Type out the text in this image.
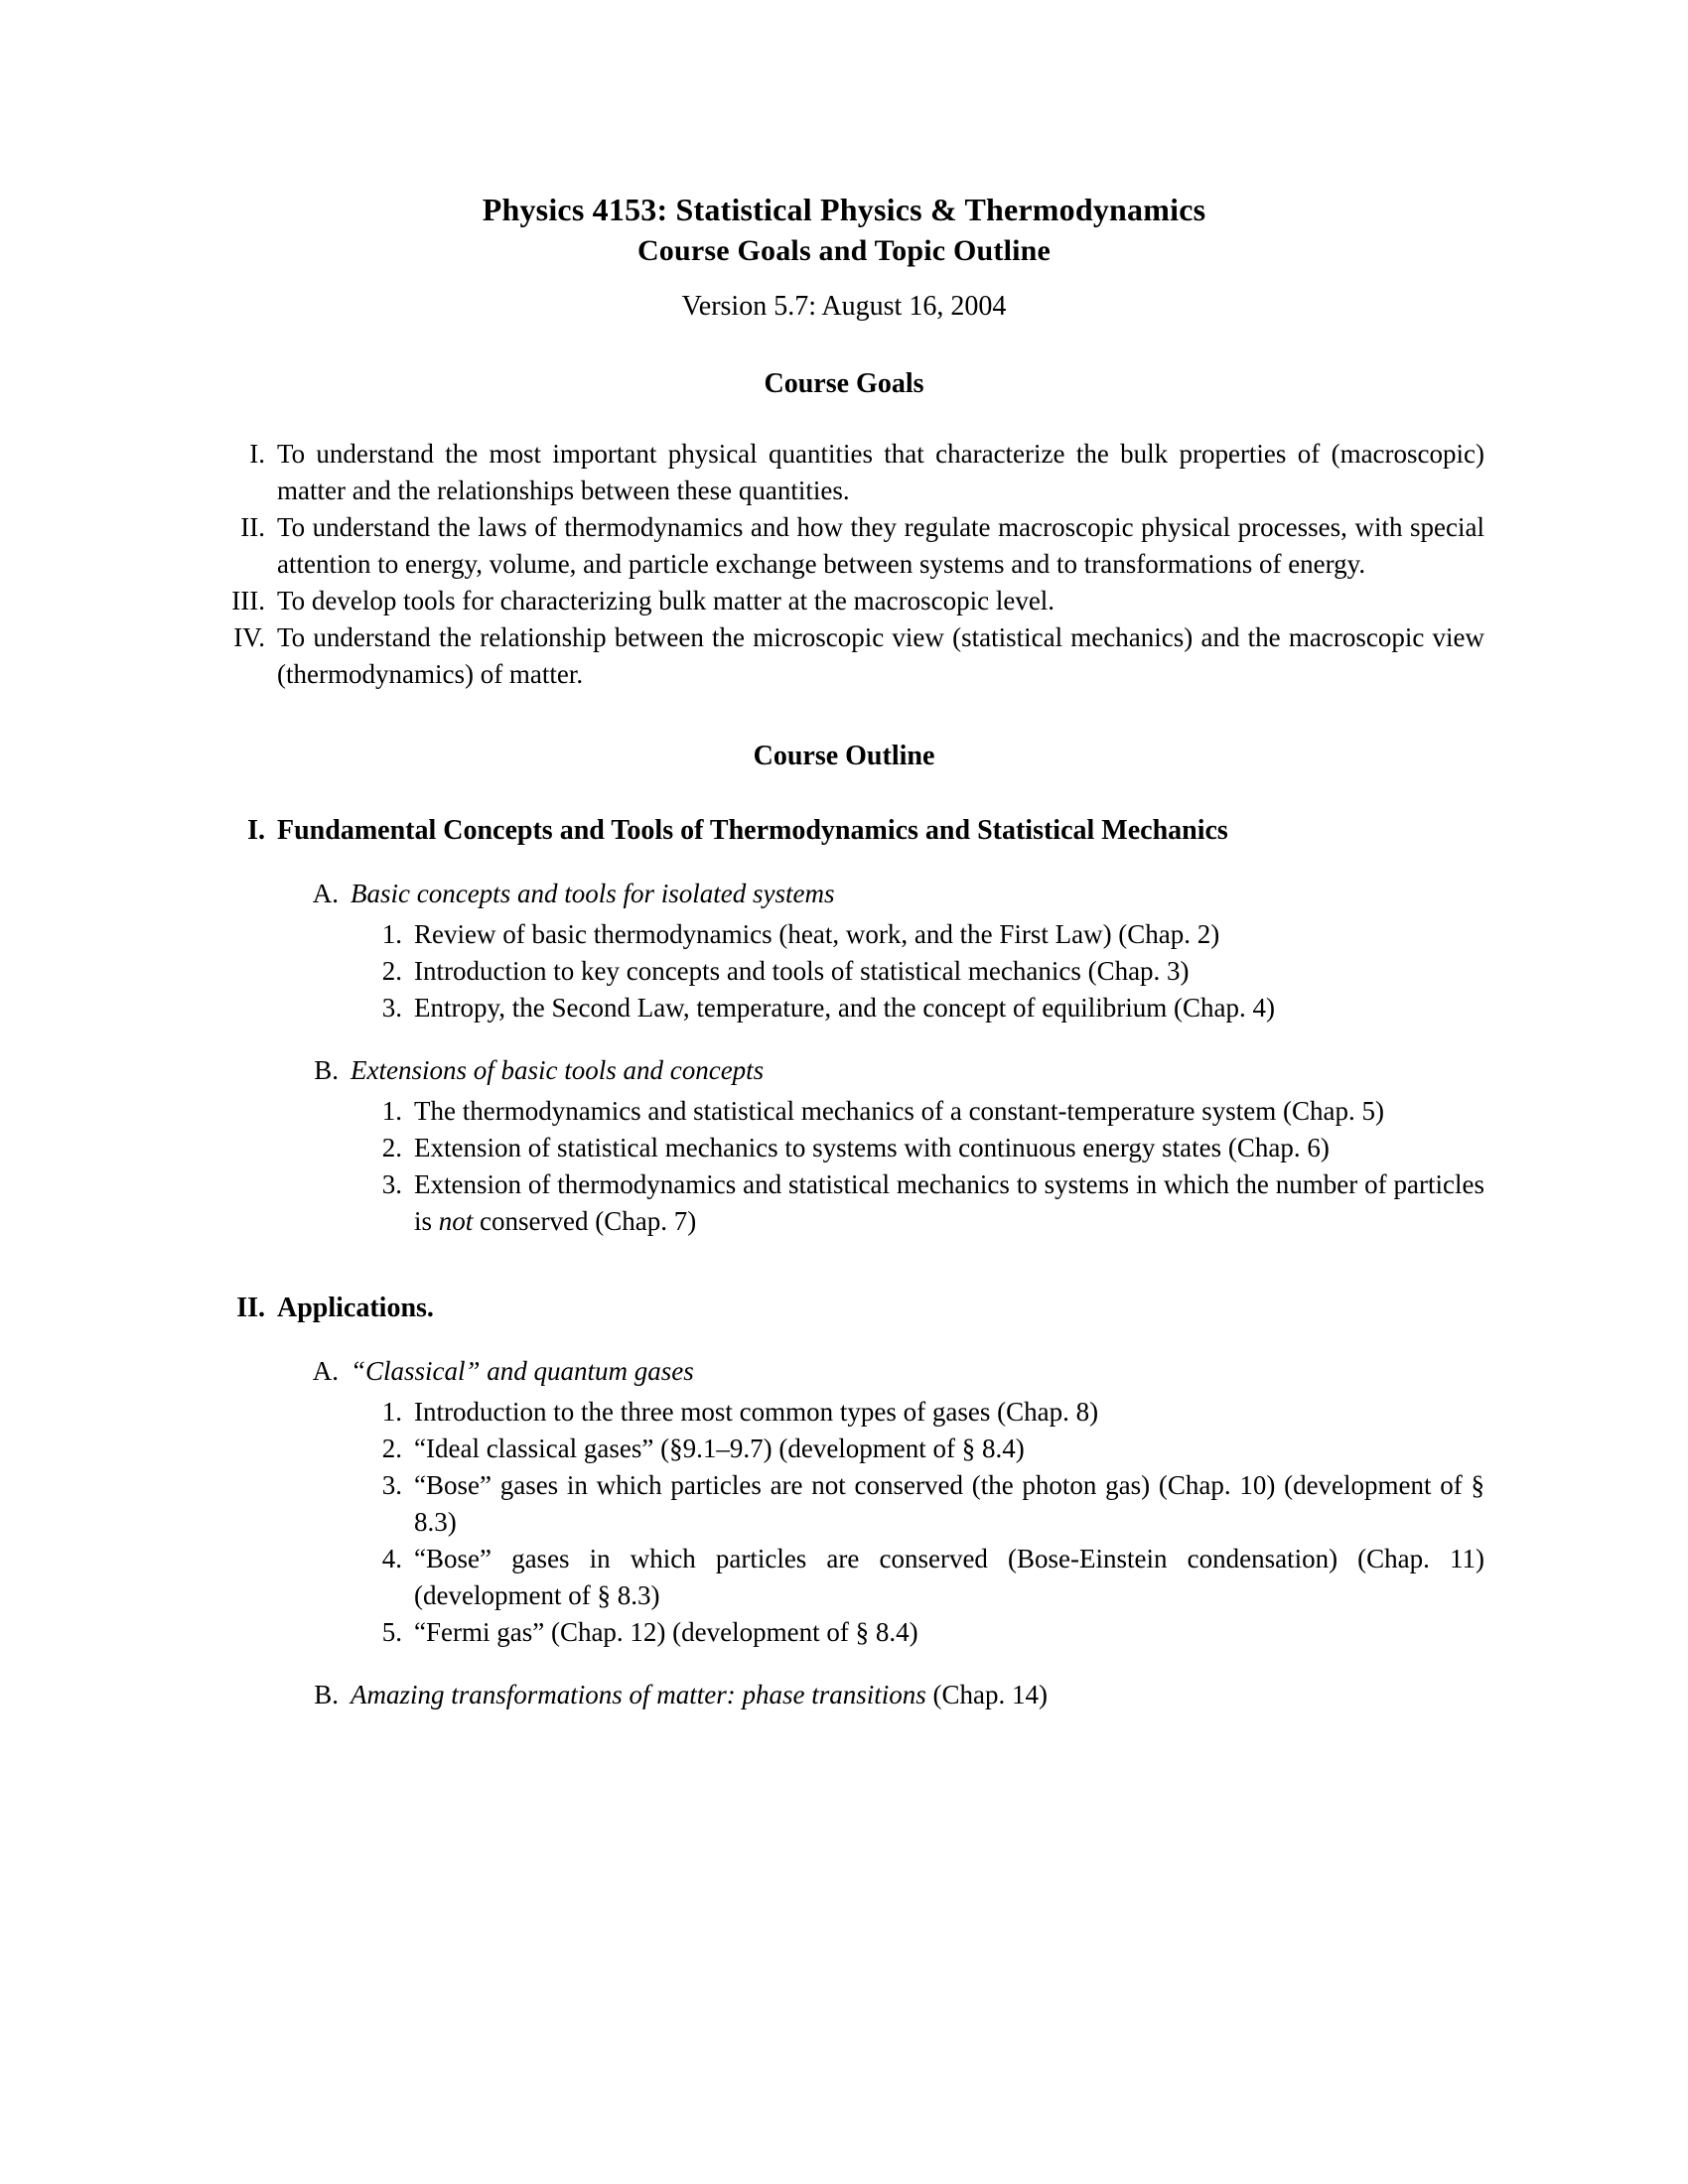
Physics 4153: Statistical Physics & Thermodynamics
Course Goals and Topic Outline
Version 5.7: August 16, 2004
Course Goals
I. To understand the most important physical quantities that characterize the bulk properties of (macroscopic) matter and the relationships between these quantities.
II. To understand the laws of thermodynamics and how they regulate macroscopic physical processes, with special attention to energy, volume, and particle exchange between systems and to transformations of energy.
III. To develop tools for characterizing bulk matter at the macroscopic level.
IV. To understand the relationship between the microscopic view (statistical mechanics) and the macroscopic view (thermodynamics) of matter.
Course Outline
I. Fundamental Concepts and Tools of Thermodynamics and Statistical Mechanics
A. Basic concepts and tools for isolated systems
1. Review of basic thermodynamics (heat, work, and the First Law) (Chap. 2)
2. Introduction to key concepts and tools of statistical mechanics (Chap. 3)
3. Entropy, the Second Law, temperature, and the concept of equilibrium (Chap. 4)
B. Extensions of basic tools and concepts
1. The thermodynamics and statistical mechanics of a constant-temperature system (Chap. 5)
2. Extension of statistical mechanics to systems with continuous energy states (Chap. 6)
3. Extension of thermodynamics and statistical mechanics to systems in which the number of particles is not conserved (Chap. 7)
II. Applications.
A. “Classical” and quantum gases
1. Introduction to the three most common types of gases (Chap. 8)
2. “Ideal classical gases” (§9.1–9.7) (development of § 8.4)
3. “Bose” gases in which particles are not conserved (the photon gas) (Chap. 10) (development of § 8.3)
4. “Bose” gases in which particles are conserved (Bose-Einstein condensation) (Chap. 11) (development of § 8.3)
5. “Fermi gas” (Chap. 12) (development of § 8.4)
B. Amazing transformations of matter: phase transitions (Chap. 14)
